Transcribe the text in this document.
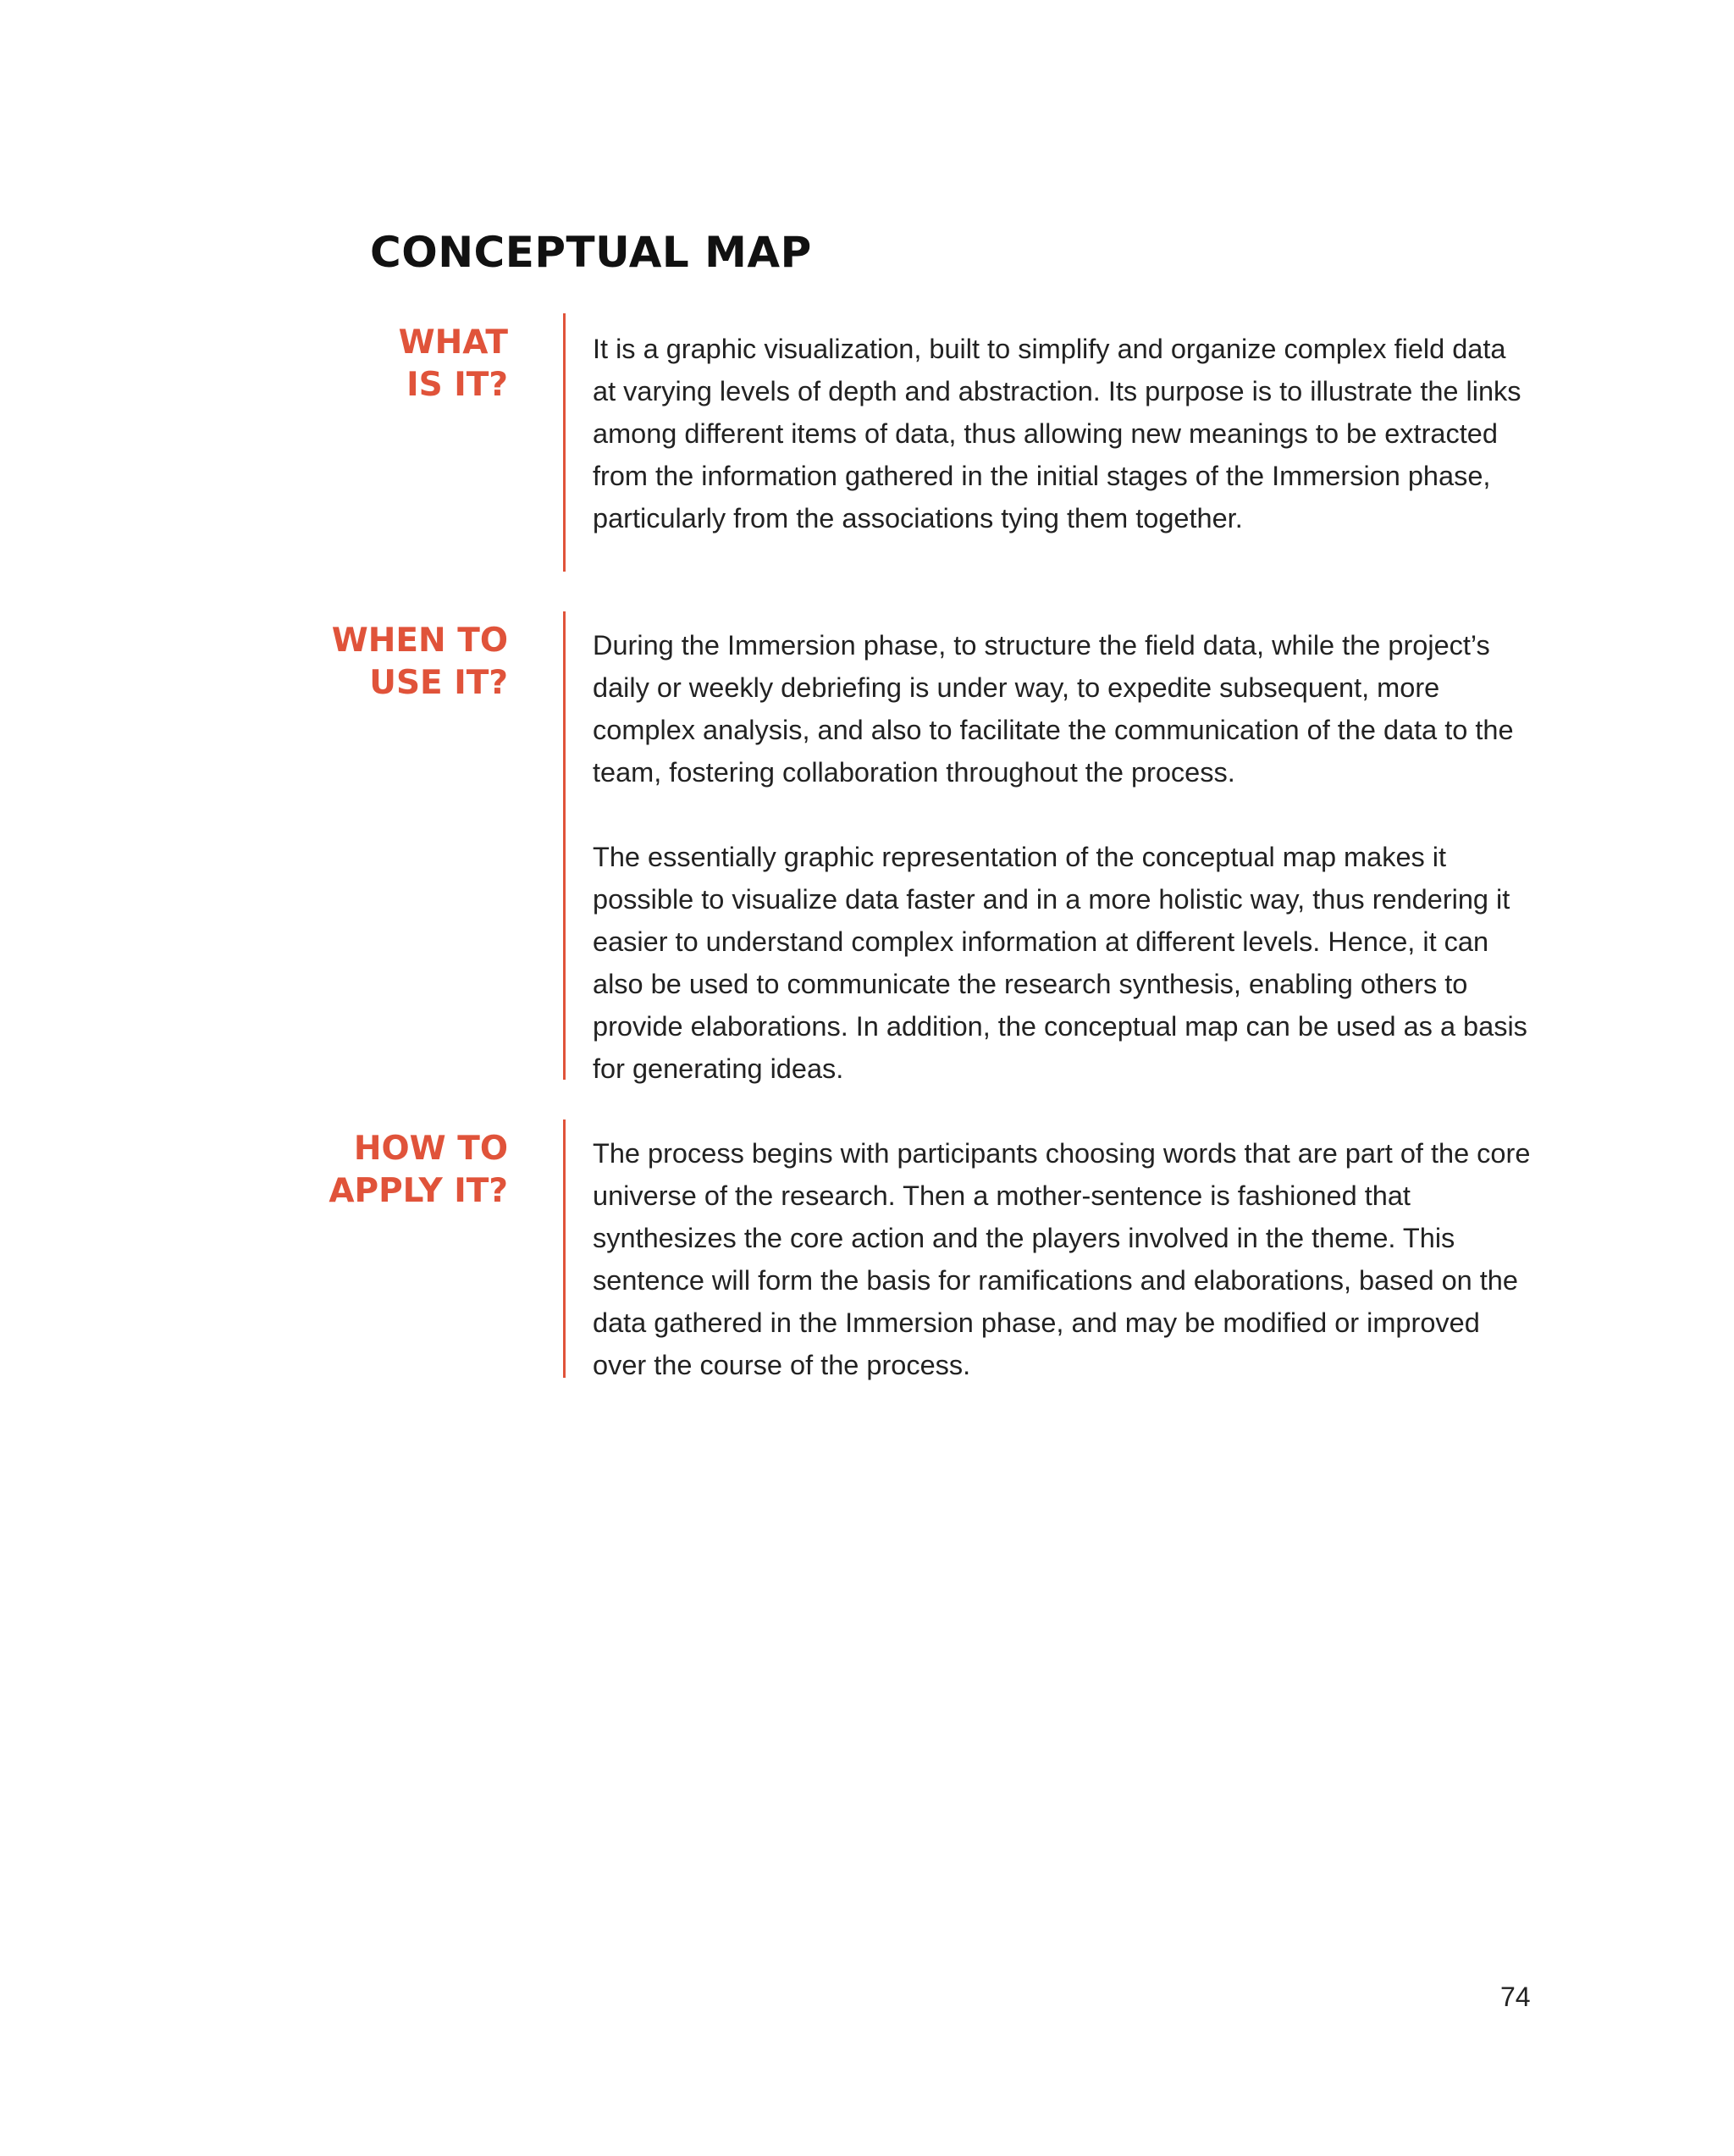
CONCEPTUAL MAP
WHAT
IS IT?

It is a graphic visualization, built to simplify and organize complex field data at varying levels of depth and abstraction. Its purpose is to illustrate the links among different items of data, thus allowing new meanings to be extracted from the information gathered in the initial stages of the Immersion phase, particularly from the associations tying them together.

WHEN TO
USE IT?

During the Immersion phase, to structure the field data, while the project’s daily or weekly debriefing is under way, to expedite subsequent, more complex analysis, and also to facilitate the communication of the data to the team, fostering collaboration throughout the process.

The essentially graphic representation of the conceptual map makes it possible to visualize data faster and in a more holistic way, thus rendering it easier to understand complex information at different levels. Hence, it can also be used to communicate the research synthesis, enabling others to provide elaborations. In addition, the conceptual map can be used as a basis for generating ideas.

HOW TO
APPLY IT?

The process begins with participants choosing words that are part of the core universe of the research. Then a mother-sentence is fashioned that synthesizes the core action and the players involved in the theme. This sentence will form the basis for ramifications and elaborations, based on the data gathered in the Immersion phase, and may be modified or improved over the course of the process.

74
